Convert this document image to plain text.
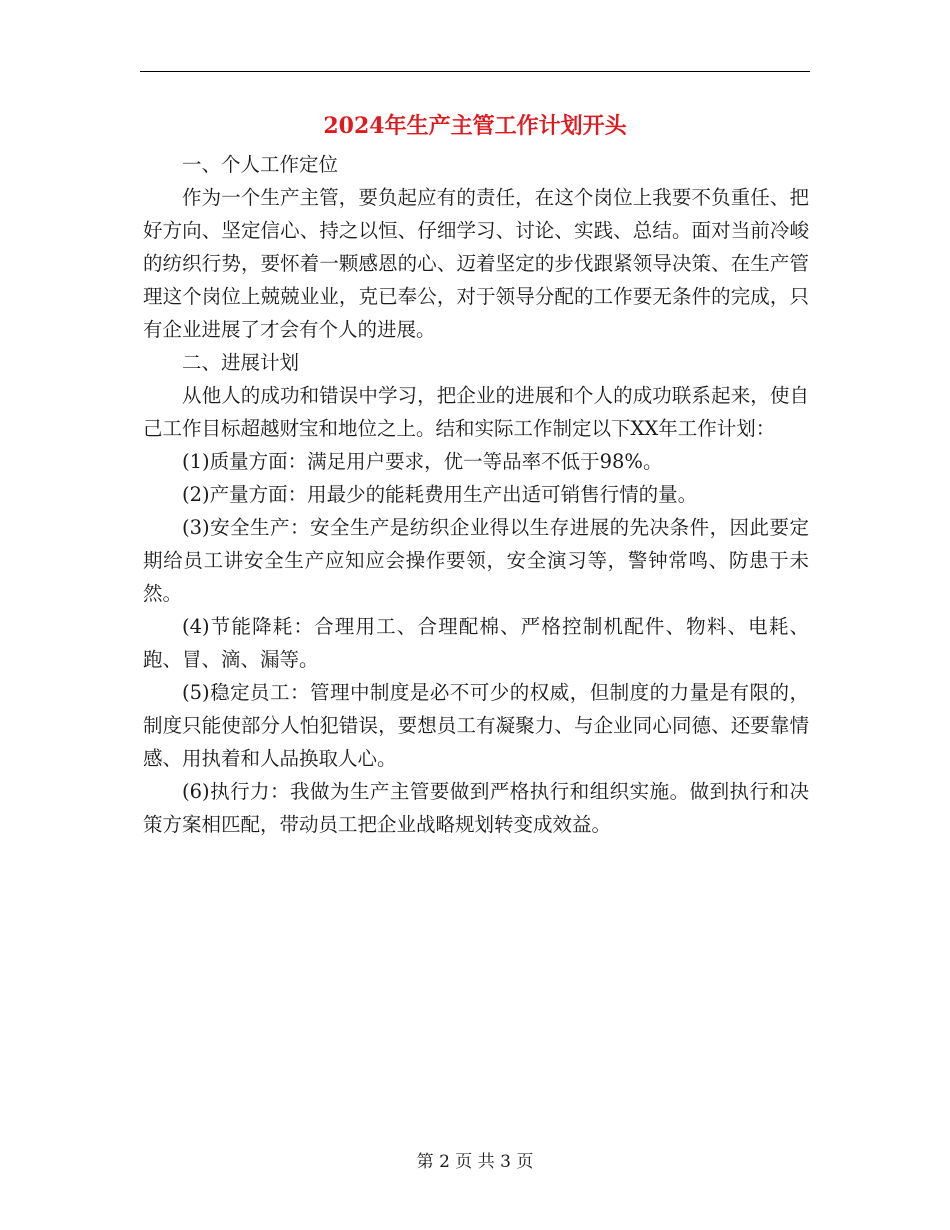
2024年生产主管工作计划开头

一、个人工作定位

作为一个生产主管，要负起应有的责任，在这个岗位上我要不负重任、把好方向、坚定信心、持之以恒、仔细学习、讨论、实践、总结。面对当前冷峻的纺织行势，要怀着一颗感恩的心、迈着坚定的步伐跟紧领导决策、在生产管理这个岗位上兢兢业业，克已奉公，对于领导分配的工作要无条件的完成，只有企业进展了才会有个人的进展。

二、进展计划

从他人的成功和错误中学习，把企业的进展和个人的成功联系起来，使自己工作目标超越财宝和地位之上。结和实际工作制定以下XX年工作计划：

(1)质量方面：满足用户要求，优一等品率不低于98%。

(2)产量方面：用最少的能耗费用生产出适可销售行情的量。

(3)安全生产：安全生产是纺织企业得以生存进展的先决条件，因此要定期给员工讲安全生产应知应会操作要领，安全演习等，警钟常鸣、防患于未然。

(4)节能降耗：合理用工、合理配棉、严格控制机配件、物料、电耗、跑、冒、滴、漏等。

(5)稳定员工：管理中制度是必不可少的权威，但制度的力量是有限的，制度只能使部分人怕犯错误，要想员工有凝聚力、与企业同心同德、还要靠情感、用执着和人品换取人心。

(6)执行力：我做为生产主管要做到严格执行和组织实施。做到执行和决策方案相匹配，带动员工把企业战略规划转变成效益。

第 2 页 共 3 页
